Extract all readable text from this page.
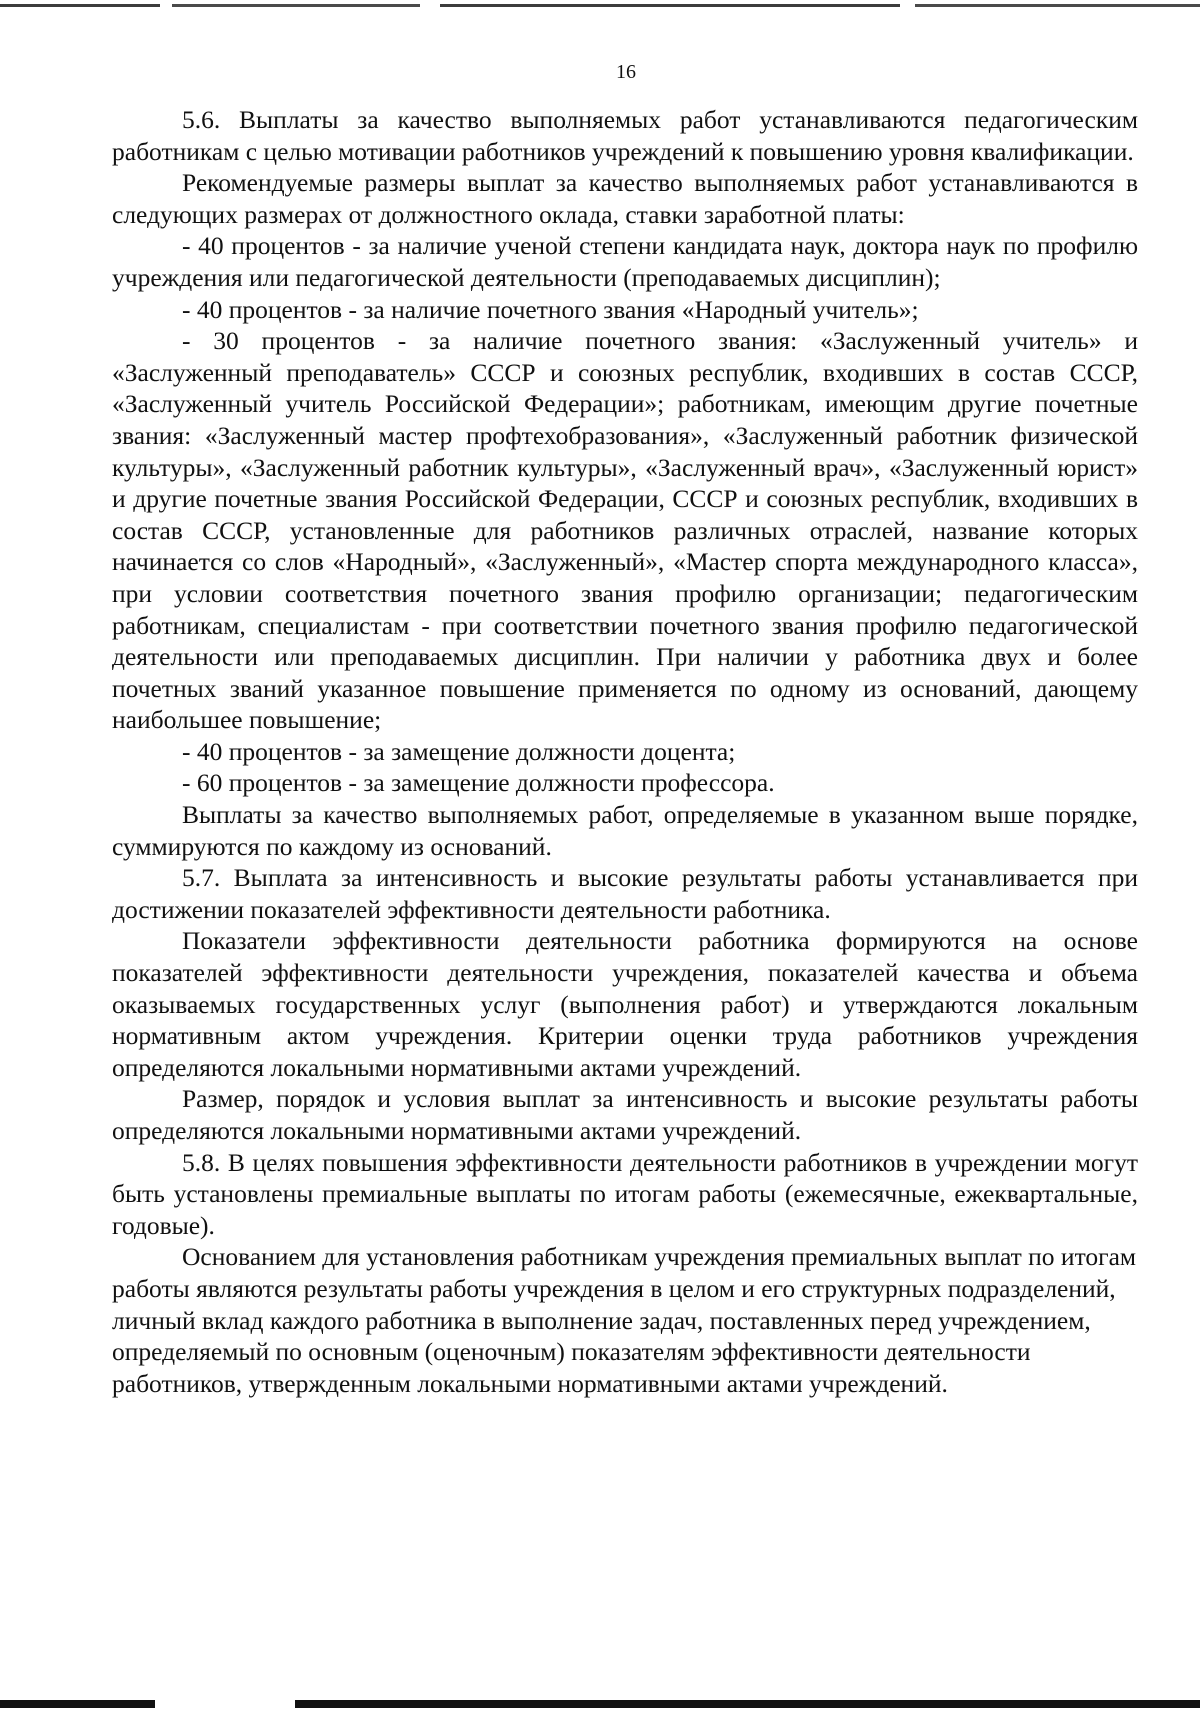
16

5.6. Выплаты за качество выполняемых работ устанавливаются педагогическим работникам с целью мотивации работников учреждений к повышению уровня квалификации.

Рекомендуемые размеры выплат за качество выполняемых работ устанавливаются в следующих размерах от должностного оклада, ставки заработной платы:

- 40 процентов - за наличие ученой степени кандидата наук, доктора наук по профилю учреждения или педагогической деятельности (преподаваемых дисциплин);

- 40 процентов - за наличие почетного звания «Народный учитель»;

- 30 процентов - за наличие почетного звания: «Заслуженный учитель» и «Заслуженный преподаватель» СССР и союзных республик, входивших в состав СССР, «Заслуженный учитель Российской Федерации»; работникам, имеющим другие почетные звания: «Заслуженный мастер профтехобразования», «Заслуженный работник физической культуры», «Заслуженный работник культуры», «Заслуженный врач», «Заслуженный юрист» и другие почетные звания Российской Федерации, СССР и союзных республик, входивших в состав СССР, установленные для работников различных отраслей, название которых начинается со слов «Народный», «Заслуженный», «Мастер спорта международного класса», при условии соответствия почетного звания профилю организации; педагогическим работникам, специалистам - при соответствии почетного звания профилю педагогической деятельности или преподаваемых дисциплин. При наличии у работника двух и более почетных званий указанное повышение применяется по одному из оснований, дающему наибольшее повышение;

- 40 процентов - за замещение должности доцента;

- 60 процентов - за замещение должности профессора.

Выплаты за качество выполняемых работ, определяемые в указанном выше порядке, суммируются по каждому из оснований.

5.7. Выплата за интенсивность и высокие результаты работы устанавливается при достижении показателей эффективности деятельности работника.

Показатели эффективности деятельности работника формируются на основе показателей эффективности деятельности учреждения, показателей качества и объема оказываемых государственных услуг (выполнения работ) и утверждаются локальным нормативным актом учреждения. Критерии оценки труда работников учреждения определяются локальными нормативными актами учреждений.

Размер, порядок и условия выплат за интенсивность и высокие результаты работы определяются локальными нормативными актами учреждений.

5.8. В целях повышения эффективности деятельности работников в учреждении могут быть установлены премиальные выплаты по итогам работы (ежемесячные, ежеквартальные, годовые).

Основанием для установления работникам учреждения премиальных выплат по итогам работы являются результаты работы учреждения в целом и его структурных подразделений, личный вклад каждого работника в выполнение задач, поставленных перед учреждением, определяемый по основным (оценочным) показателям эффективности деятельности работников, утвержденным локальными нормативными актами учреждений.
